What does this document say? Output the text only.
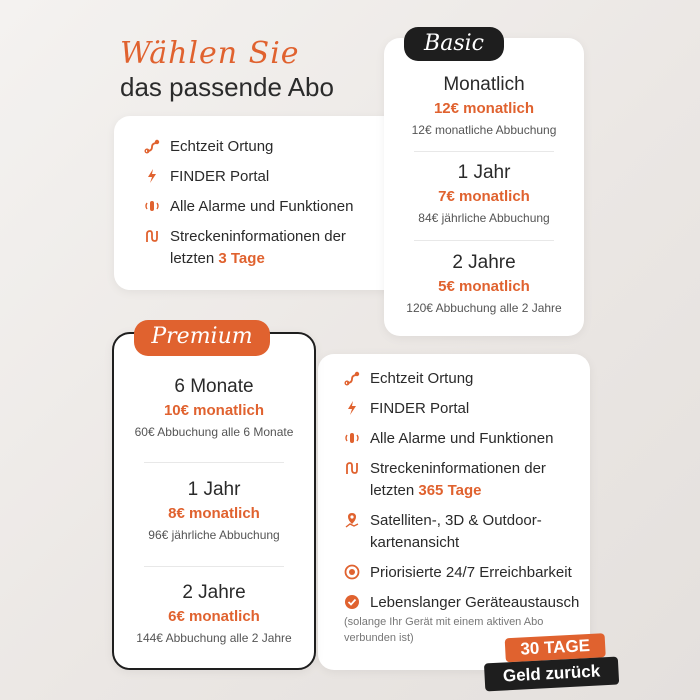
Wählen Sie
das passende Abo
Echtzeit Ortung
FINDER Portal
Alle Alarme und Funktionen
Streckeninformationen der letzten 3 Tage
Monatlich
12€ monatlich
12€ monatliche Abbuchung
1 Jahr
7€ monatlich
84€ jährliche Abbuchung
2 Jahre
5€ monatlich
120€ Abbuchung alle 2 Jahre
Basic
Echtzeit Ortung
FINDER Portal
Alle Alarme und Funktionen
Streckeninformationen der letzten 365 Tage
Satelliten-, 3D & Outdoor-kartenansicht
Priorisierte 24/7 Erreichbarkeit
Lebenslanger Geräteaustausch
(solange Ihr Gerät mit einem aktiven Abo verbunden ist)
6 Monate
10€ monatlich
60€ Abbuchung alle 6 Monate
1 Jahr
8€ monatlich
96€ jährliche Abbuchung
2 Jahre
6€ monatlich
144€ Abbuchung alle 2 Jahre
Premium
30 TAGE
Geld zurück
